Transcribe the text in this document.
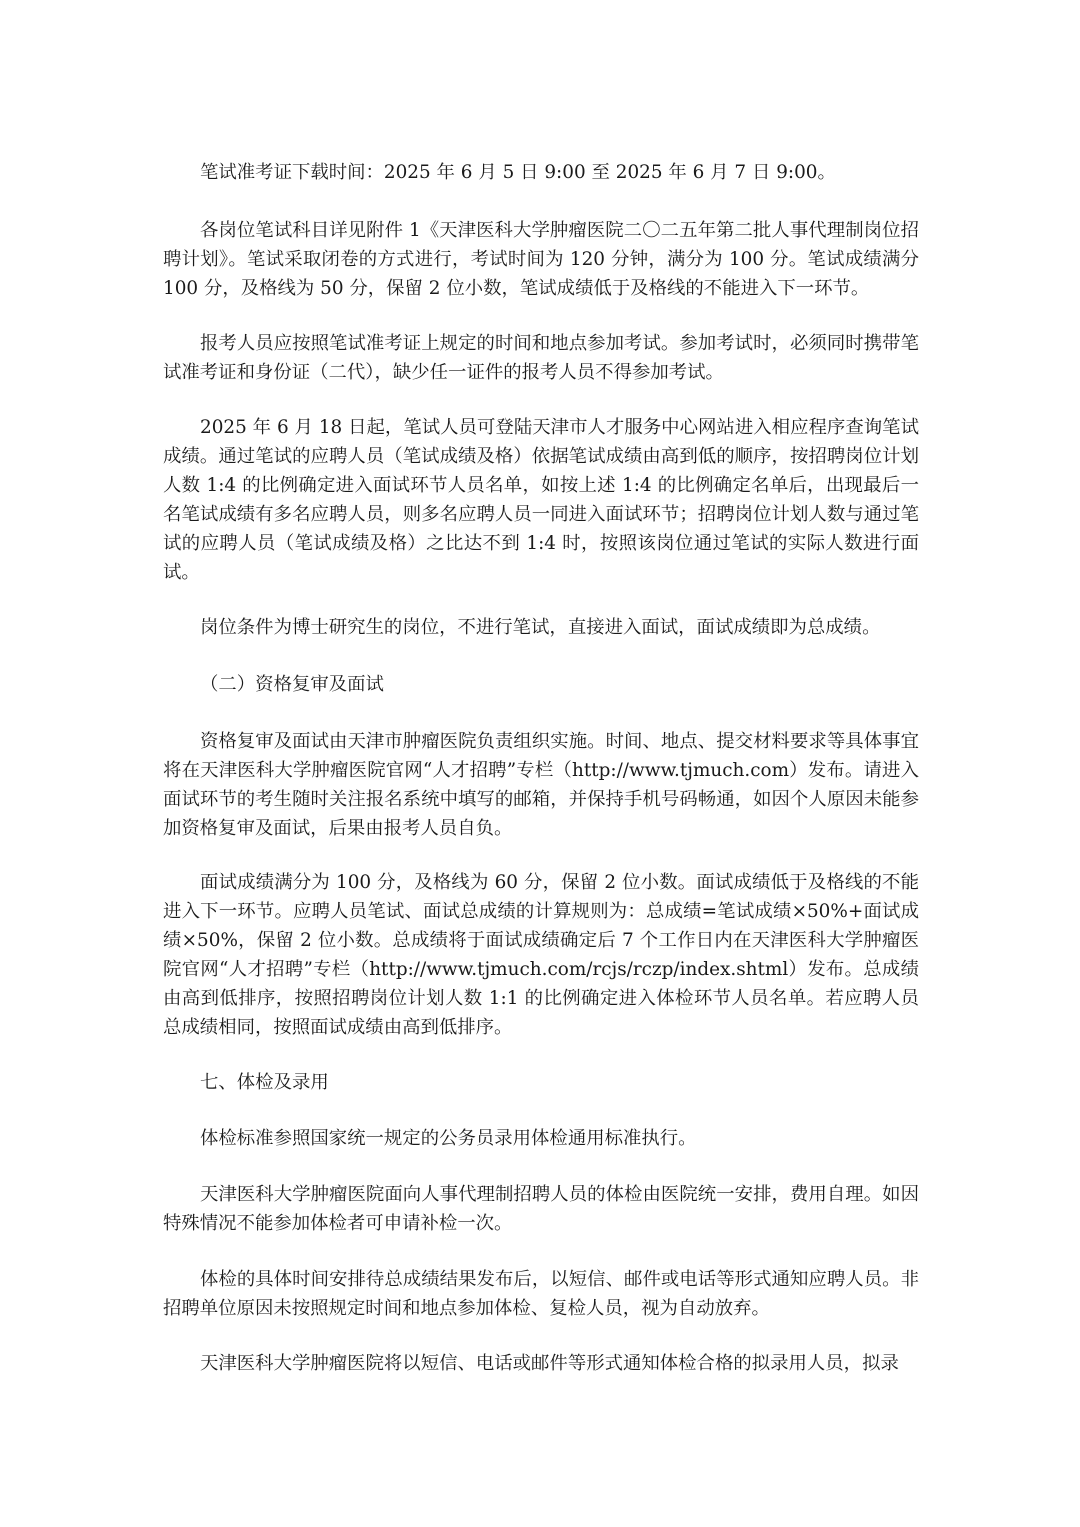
笔试准考证下载时间：2025 年 6 月 5 日 9:00 至 2025 年 6 月 7 日 9:00。

各岗位笔试科目详见附件 1《天津医科大学肿瘤医院二〇二五年第二批人事代理制岗位招聘计划》。笔试采取闭卷的方式进行，考试时间为 120 分钟，满分为 100 分。笔试成绩满分 100 分，及格线为 50 分，保留 2 位小数，笔试成绩低于及格线的不能进入下一环节。

报考人员应按照笔试准考证上规定的时间和地点参加考试。参加考试时，必须同时携带笔试准考证和身份证（二代），缺少任一证件的报考人员不得参加考试。

2025 年 6 月 18 日起，笔试人员可登陆天津市人才服务中心网站进入相应程序查询笔试成绩。通过笔试的应聘人员（笔试成绩及格）依据笔试成绩由高到低的顺序，按招聘岗位计划人数 1:4 的比例确定进入面试环节人员名单，如按上述 1:4 的比例确定名单后，出现最后一名笔试成绩有多名应聘人员，则多名应聘人员一同进入面试环节；招聘岗位计划人数与通过笔试的应聘人员（笔试成绩及格）之比达不到 1:4 时，按照该岗位通过笔试的实际人数进行面试。

岗位条件为博士研究生的岗位，不进行笔试，直接进入面试，面试成绩即为总成绩。

（二）资格复审及面试

资格复审及面试由天津市肿瘤医院负责组织实施。时间、地点、提交材料要求等具体事宜将在天津医科大学肿瘤医院官网“人才招聘”专栏（http://www.tjmuch.com）发布。请进入面试环节的考生随时关注报名系统中填写的邮箱，并保持手机号码畅通，如因个人原因未能参加资格复审及面试，后果由报考人员自负。

面试成绩满分为 100 分，及格线为 60 分，保留 2 位小数。面试成绩低于及格线的不能进入下一环节。应聘人员笔试、面试总成绩的计算规则为：总成绩=笔试成绩×50%+面试成绩×50%，保留 2 位小数。总成绩将于面试成绩确定后 7 个工作日内在天津医科大学肿瘤医院官网“人才招聘”专栏（http://www.tjmuch.com/rcjs/rczp/index.shtml）发布。总成绩由高到低排序，按照招聘岗位计划人数 1:1 的比例确定进入体检环节人员名单。若应聘人员总成绩相同，按照面试成绩由高到低排序。

七、体检及录用

体检标准参照国家统一规定的公务员录用体检通用标准执行。

天津医科大学肿瘤医院面向人事代理制招聘人员的体检由医院统一安排，费用自理。如因特殊情况不能参加体检者可申请补检一次。

体检的具体时间安排待总成绩结果发布后，以短信、邮件或电话等形式通知应聘人员。非招聘单位原因未按照规定时间和地点参加体检、复检人员，视为自动放弃。

天津医科大学肿瘤医院将以短信、电话或邮件等形式通知体检合格的拟录用人员，拟录
